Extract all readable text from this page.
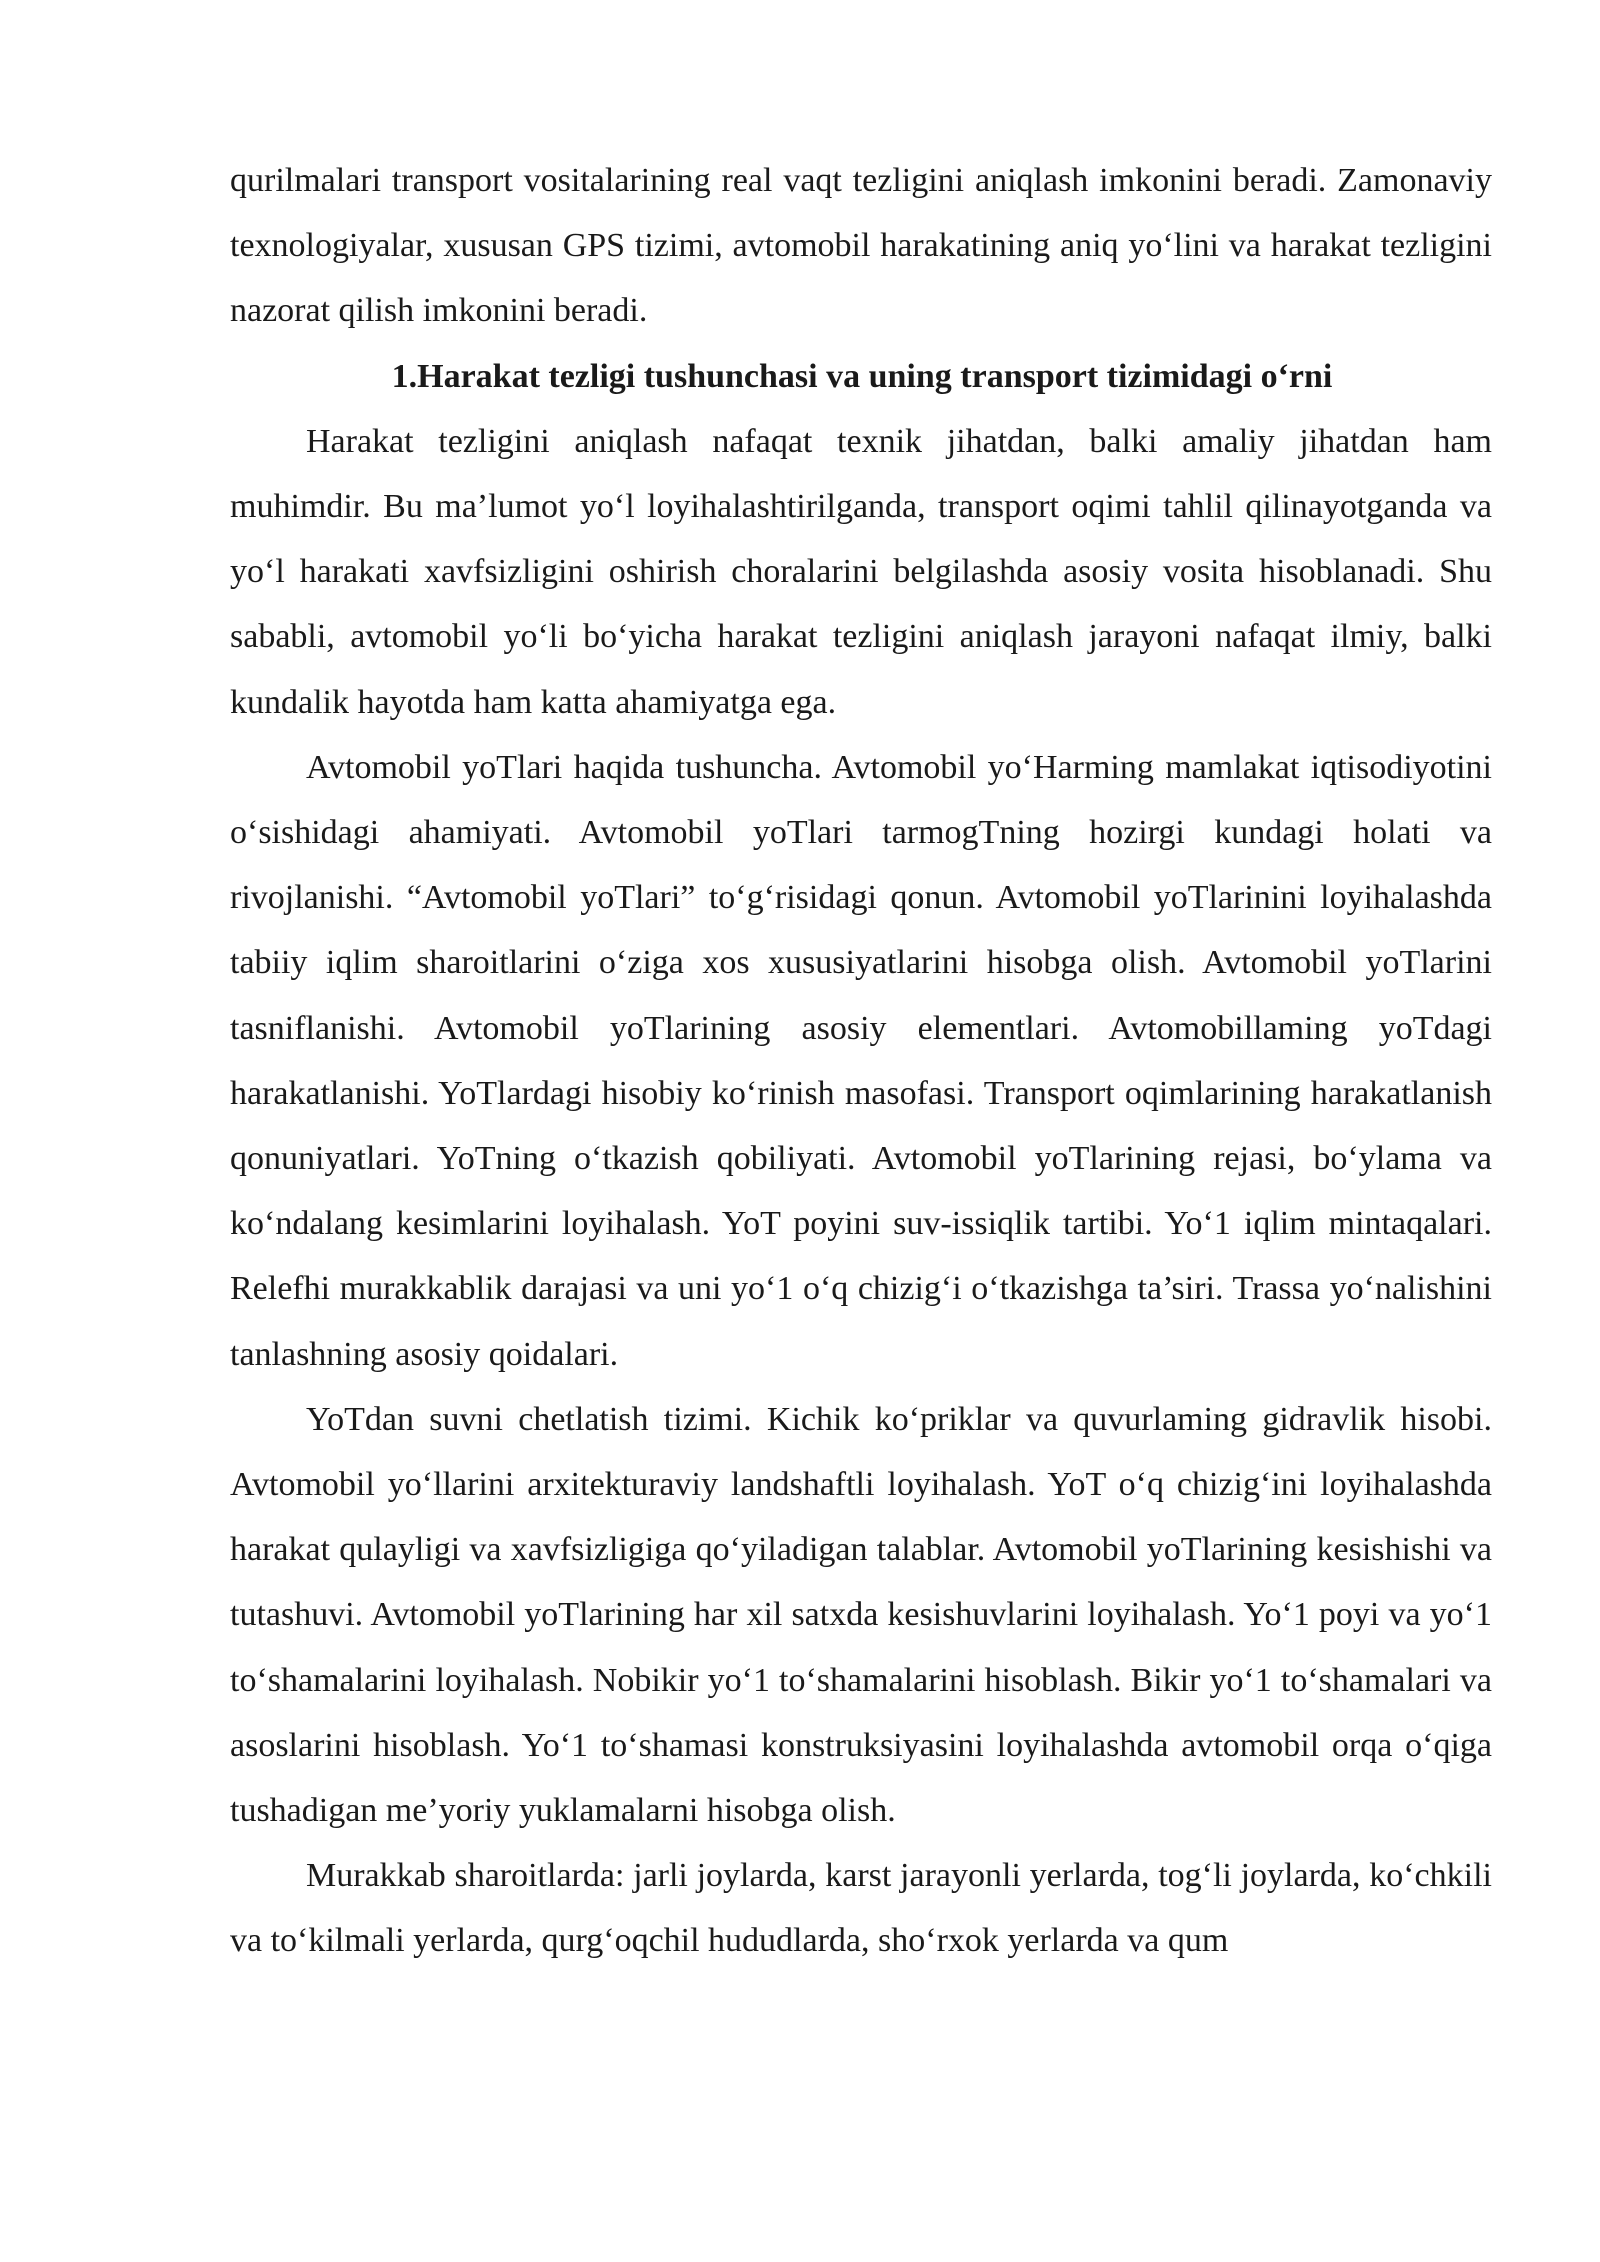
qurilmalari transport vositalarining real vaqt tezligini aniqlash imkonini beradi. Zamonaviy texnologiyalar, xususan GPS tizimi, avtomobil harakatining aniq yo‘lini va harakat tezligini nazorat qilish imkonini beradi.

1.Harakat tezligi tushunchasi va uning transport tizimidagi o‘rni

Harakat tezligini aniqlash nafaqat texnik jihatdan, balki amaliy jihatdan ham muhimdir. Bu ma’lumot yo‘l loyihalashtirilganda, transport oqimi tahlil qilinayotganda va yo‘l harakati xavfsizligini oshirish choralarini belgilashda asosiy vosita hisoblanadi. Shu sababli, avtomobil yo‘li bo‘yicha harakat tezligini aniqlash jarayoni nafaqat ilmiy, balki kundalik hayotda ham katta ahamiyatga ega.

Avtomobil yoTlari haqida tushuncha. Avtomobil yo‘Harming mamlakat iqtisodiyotini o‘sishidagi ahamiyati. Avtomobil yoTlari tarmogTning hozirgi kundagi holati va rivojlanishi. “Avtomobil yoTlari” to‘g‘risidagi qonun. Avtomobil yoTlarinini loyihalashda tabiiy iqlim sharoitlarini o‘ziga xos xususiyatlarini hisobga olish. Avtomobil yoTlarini tasniflanishi. Avtomobil yoTlarining asosiy elementlari. Avtomobillaming yoTdagi harakatlanishi. YoTlardagi hisobiy ko‘rinish masofasi. Transport oqimlarining harakatlanish qonuniyatlari. YoTning o‘tkazish qobiliyati. Avtomobil yoTlarining rejasi, bo‘ylama va ko‘ndalang kesimlarini loyihalash. YoT poyini suv-issiqlik tartibi. Yo‘1 iqlim mintaqalari. Relefhi murakkablik darajasi va uni yo‘1 o‘q chizig‘i o‘tkazishga ta’siri. Trassa yo‘nalishini tanlashning asosiy qoidalari.

YoTdan suvni chetlatish tizimi. Kichik ko‘priklar va quvurlaming gidravlik hisobi. Avtomobil yo‘llarini arxitekturaviy landshaftli loyihalash. YoT o‘q chizig‘ini loyihalashda harakat qulayligi va xavfsizligiga qo‘yiladigan talablar. Avtomobil yoTlarining kesishishi va tutashuvi. Avtomobil yoTlarining har xil satxda kesishuvlarini loyihalash. Yo‘1 poyi va yo‘1 to‘shamalarini loyihalash. Nobikir yo‘1 to‘shamalarini hisoblash. Bikir yo‘1 to‘shamalari va asoslarini hisoblash. Yo‘1 to‘shamasi konstruksiyasini loyihalashda avtomobil orqa o‘qiga tushadigan me’yoriy yuklamalarni hisobga olish.

Murakkab sharoitlarda: jarli joylarda, karst jarayonli yerlarda, tog‘li joylarda, ko‘chkili va to‘kilmali yerlarda, qurg‘oqchil hududlarda, sho‘rxok yerlarda va qum
